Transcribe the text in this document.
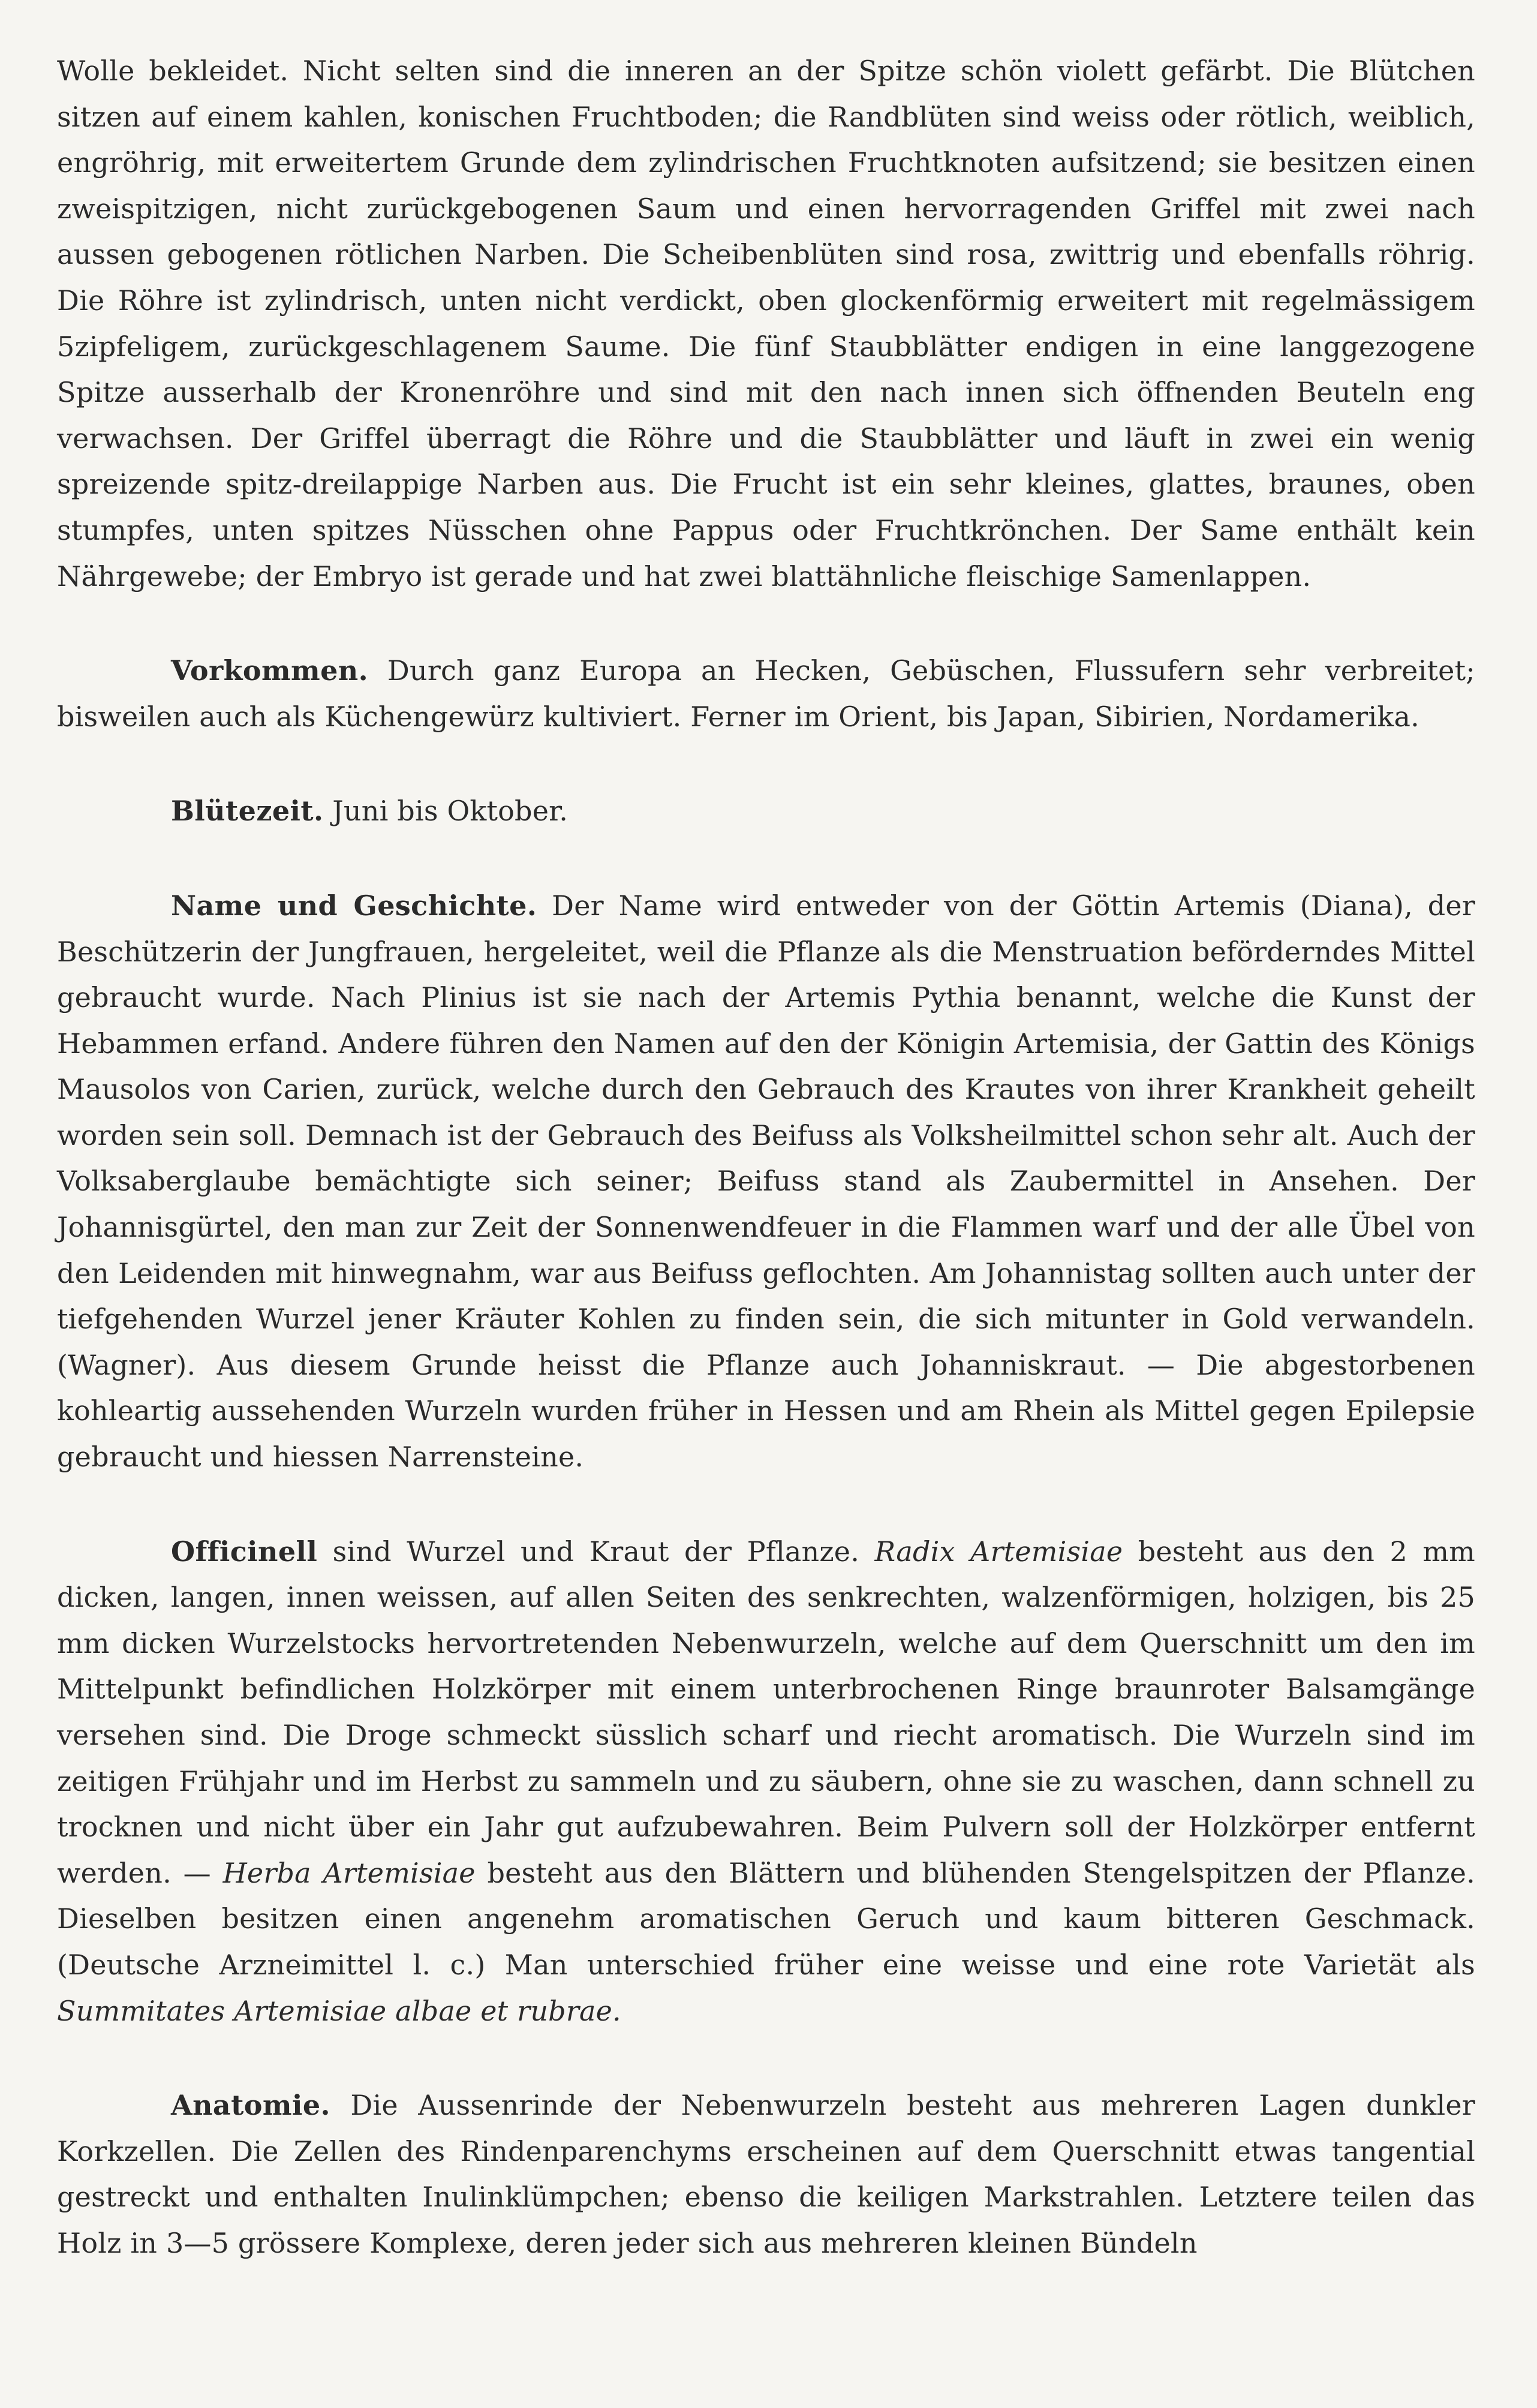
Wolle bekleidet. Nicht selten sind die inneren an der Spitze schön violett gefärbt. Die Blütchen sitzen auf einem kahlen, konischen Fruchtboden; die Randblüten sind weiss oder rötlich, weiblich, engröhrig, mit erweitertem Grunde dem zylindrischen Fruchtknoten aufsitzend; sie besitzen einen zweispitzigen, nicht zurückgebogenen Saum und einen hervorragenden Griffel mit zwei nach aussen gebogenen rötlichen Narben. Die Scheibenblüten sind rosa, zwittrig und ebenfalls röhrig. Die Röhre ist zylindrisch, unten nicht verdickt, oben glockenförmig erweitert mit regelmässigem 5zipfeligem, zurückgeschlagenem Saume. Die fünf Staubblätter endigen in eine langgezogene Spitze ausserhalb der Kronenröhre und sind mit den nach innen sich öffnenden Beuteln eng verwachsen. Der Griffel überragt die Röhre und die Staubblätter und läuft in zwei ein wenig spreizende spitz-dreilappige Narben aus. Die Frucht ist ein sehr kleines, glattes, braunes, oben stumpfes, unten spitzes Nüsschen ohne Pappus oder Fruchtkrönchen. Der Same enthält kein Nährgewebe; der Embryo ist gerade und hat zwei blattähnliche fleischige Samenlappen.

Vorkommen. Durch ganz Europa an Hecken, Gebüschen, Flussufern sehr verbreitet; bisweilen auch als Küchengewürz kultiviert. Ferner im Orient, bis Japan, Sibirien, Nordamerika.

Blütezeit. Juni bis Oktober.

Name und Geschichte. Der Name wird entweder von der Göttin Artemis (Diana), der Beschützerin der Jungfrauen, hergeleitet, weil die Pflanze als die Menstruation beförderndes Mittel gebraucht wurde. Nach Plinius ist sie nach der Artemis Pythia benannt, welche die Kunst der Hebammen erfand. Andere führen den Namen auf den der Königin Artemisia, der Gattin des Königs Mausolos von Carien, zurück, welche durch den Gebrauch des Krautes von ihrer Krankheit geheilt worden sein soll. Demnach ist der Gebrauch des Beifuss als Volksheilmittel schon sehr alt. Auch der Volksaberglaube bemächtigte sich seiner; Beifuss stand als Zaubermittel in Ansehen. Der Johannisgürtel, den man zur Zeit der Sonnenwendfeuer in die Flammen warf und der alle Übel von den Leidenden mit hinwegnahm, war aus Beifuss geflochten. Am Johannistag sollten auch unter der tiefgehenden Wurzel jener Kräuter Kohlen zu finden sein, die sich mitunter in Gold verwandeln. (Wagner). Aus diesem Grunde heisst die Pflanze auch Johanniskraut. — Die abgestorbenen kohleartig aussehenden Wurzeln wurden früher in Hessen und am Rhein als Mittel gegen Epilepsie gebraucht und hiessen Narrensteine.

Officinell sind Wurzel und Kraut der Pflanze. Radix Artemisiae besteht aus den 2 mm dicken, langen, innen weissen, auf allen Seiten des senkrechten, walzenförmigen, holzigen, bis 25 mm dicken Wurzelstocks hervortretenden Nebenwurzeln, welche auf dem Querschnitt um den im Mittelpunkt befindlichen Holzkörper mit einem unterbrochenen Ringe braunroter Balsamgänge versehen sind. Die Droge schmeckt süsslich scharf und riecht aromatisch. Die Wurzeln sind im zeitigen Frühjahr und im Herbst zu sammeln und zu säubern, ohne sie zu waschen, dann schnell zu trocknen und nicht über ein Jahr gut aufzubewahren. Beim Pulvern soll der Holzkörper entfernt werden. — Herba Artemisiae besteht aus den Blättern und blühenden Stengelspitzen der Pflanze. Dieselben besitzen einen angenehm aromatischen Geruch und kaum bitteren Geschmack. (Deutsche Arzneimittel l. c.) Man unterschied früher eine weisse und eine rote Varietät als Summitates Artemisiae albae et rubrae.

Anatomie. Die Aussenrinde der Nebenwurzeln besteht aus mehreren Lagen dunkler Korkzellen. Die Zellen des Rindenparenchyms erscheinen auf dem Querschnitt etwas tangential gestreckt und enthalten Inulinklümpchen; ebenso die keiligen Markstrahlen. Letztere teilen das Holz in 3—5 grössere Komplexe, deren jeder sich aus mehreren kleinen Bündeln
